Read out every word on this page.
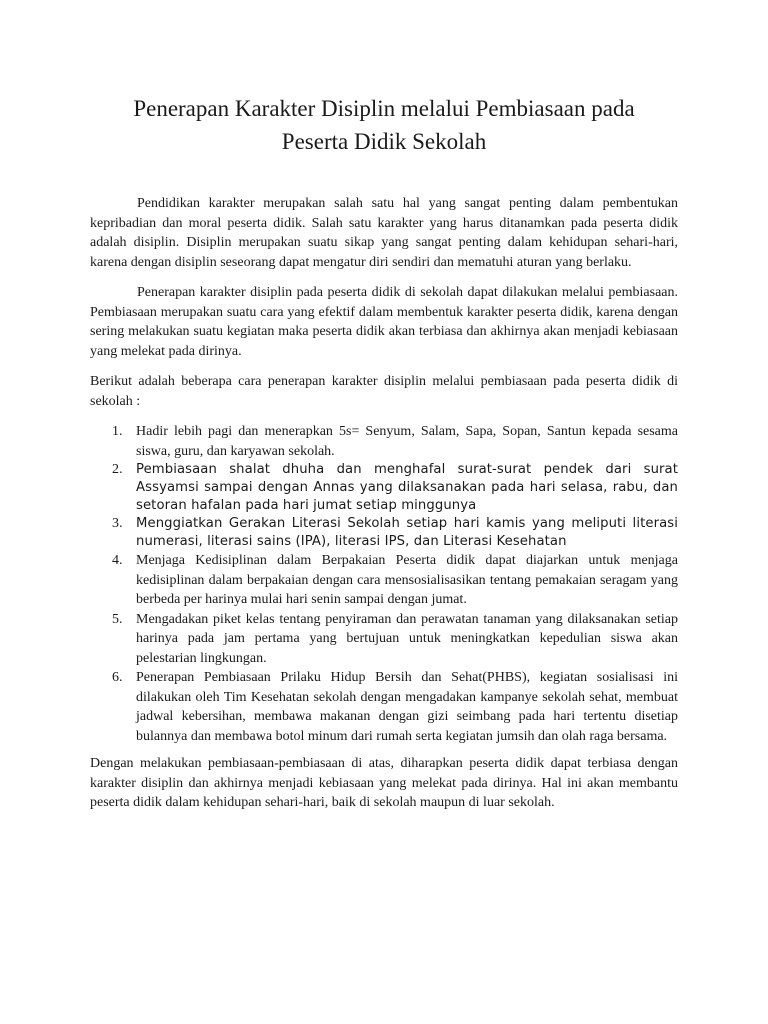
Penerapan Karakter Disiplin melalui Pembiasaan pada
Peserta Didik Sekolah

Pendidikan karakter merupakan salah satu hal yang sangat penting dalam pembentukan kepribadian dan moral peserta didik. Salah satu karakter yang harus ditanamkan pada peserta didik adalah disiplin. Disiplin merupakan suatu sikap yang sangat penting dalam kehidupan sehari-hari, karena dengan disiplin seseorang dapat mengatur diri sendiri dan mematuhi aturan yang berlaku.

Penerapan karakter disiplin pada peserta didik di sekolah dapat dilakukan melalui pembiasaan. Pembiasaan merupakan suatu cara yang efektif dalam membentuk karakter peserta didik, karena dengan sering melakukan suatu kegiatan maka peserta didik akan terbiasa dan akhirnya akan menjadi kebiasaan yang melekat pada dirinya.

Berikut adalah beberapa cara penerapan karakter disiplin melalui pembiasaan pada peserta didik di sekolah :

1. Hadir lebih pagi dan menerapkan 5s= Senyum, Salam, Sapa, Sopan, Santun kepada sesama siswa, guru, dan karyawan sekolah.
2. Pembiasaan shalat dhuha dan menghafal surat-surat pendek dari surat Assyamsi sampai dengan Annas yang dilaksanakan pada hari selasa, rabu, dan setoran hafalan pada hari jumat setiap minggunya
3. Menggiatkan Gerakan Literasi Sekolah setiap hari kamis yang meliputi literasi numerasi, literasi sains (IPA), literasi IPS, dan Literasi Kesehatan
4. Menjaga Kedisiplinan dalam Berpakaian Peserta didik dapat diajarkan untuk menjaga kedisiplinan dalam berpakaian dengan cara mensosialisasikan tentang pemakaian seragam yang berbeda per harinya mulai hari senin sampai dengan jumat.
5. Mengadakan piket kelas tentang penyiraman dan perawatan tanaman yang dilaksanakan setiap harinya pada jam pertama yang bertujuan untuk meningkatkan kepedulian siswa akan pelestarian lingkungan.
6. Penerapan Pembiasaan Prilaku Hidup Bersih dan Sehat(PHBS), kegiatan sosialisasi ini dilakukan oleh Tim Kesehatan sekolah dengan mengadakan kampanye sekolah sehat, membuat jadwal kebersihan, membawa makanan dengan gizi seimbang pada hari tertentu disetiap bulannya dan membawa botol minum dari rumah serta kegiatan jumsih dan olah raga bersama.

Dengan melakukan pembiasaan-pembiasaan di atas, diharapkan peserta didik dapat terbiasa dengan karakter disiplin dan akhirnya menjadi kebiasaan yang melekat pada dirinya. Hal ini akan membantu peserta didik dalam kehidupan sehari-hari, baik di sekolah maupun di luar sekolah.
